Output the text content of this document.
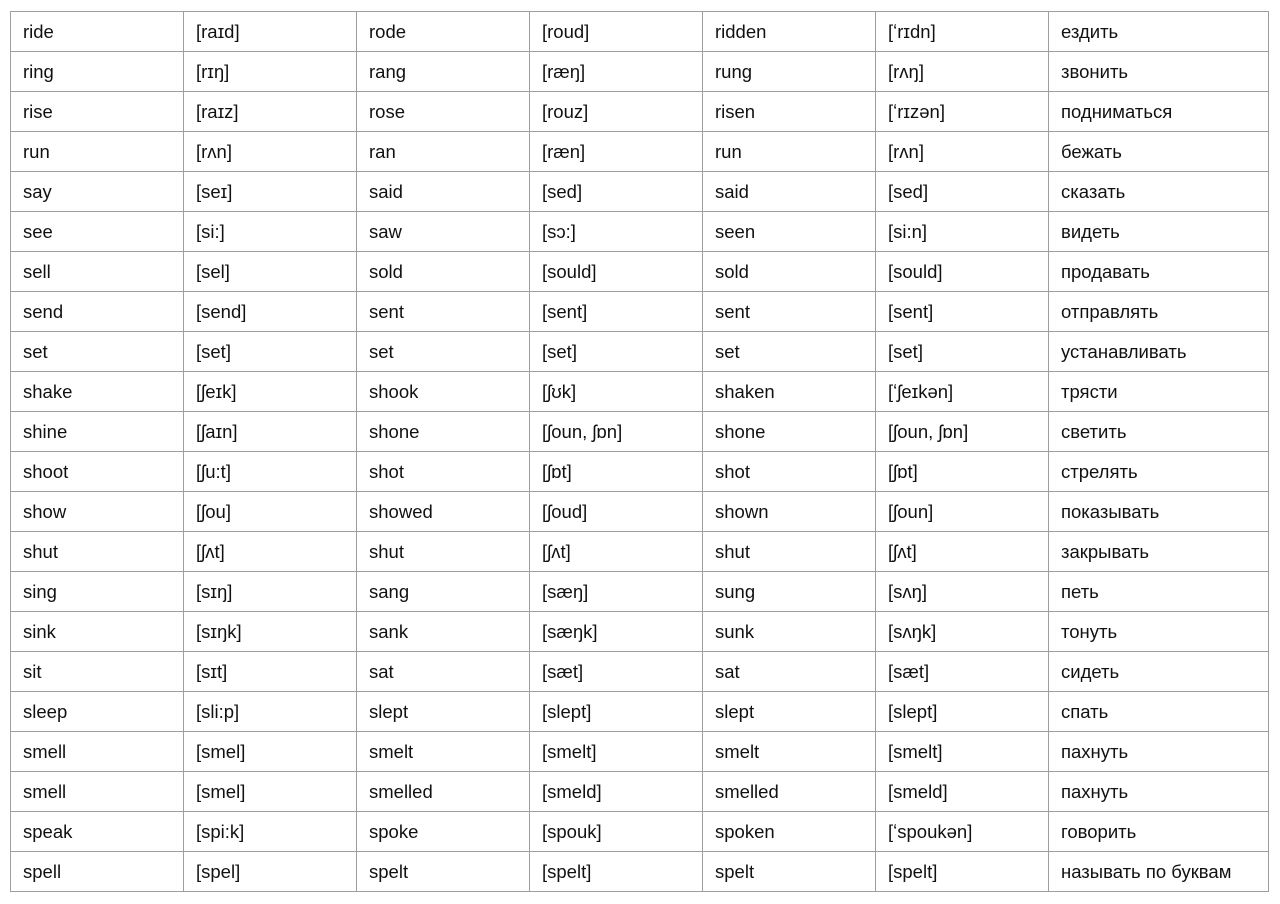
ride	[raɪd]	rode	[roud]	ridden	[ʻrɪdn]	ездить
ring	[rɪŋ]	rang	[ræŋ]	rung	[rʌŋ]	звонить
rise	[raɪz]	rose	[rouz]	risen	[ʻrɪzən]	подниматься
run	[rʌn]	ran	[ræn]	run	[rʌn]	бежать
say	[seɪ]	said	[sed]	said	[sed]	сказать
see	[si:]	saw	[sɔ:]	seen	[si:n]	видеть
sell	[sel]	sold	[sould]	sold	[sould]	продавать
send	[send]	sent	[sent]	sent	[sent]	отправлять
set	[set]	set	[set]	set	[set]	устанавливать
shake	[ʃeɪk]	shook	[ʃʊk]	shaken	[ʻʃeɪkən]	трясти
shine	[ʃaɪn]	shone	[ʃoun, ʃɒn]	shone	[ʃoun, ʃɒn]	светить
shoot	[ʃu:t]	shot	[ʃɒt]	shot	[ʃɒt]	стрелять
show	[ʃou]	showed	[ʃoud]	shown	[ʃoun]	показывать
shut	[ʃʌt]	shut	[ʃʌt]	shut	[ʃʌt]	закрывать
sing	[sɪŋ]	sang	[sæŋ]	sung	[sʌŋ]	петь
sink	[sɪŋk]	sank	[sæŋk]	sunk	[sʌŋk]	тонуть
sit	[sɪt]	sat	[sæt]	sat	[sæt]	сидеть
sleep	[sli:p]	slept	[slept]	slept	[slept]	спать
smell	[smel]	smelt	[smelt]	smelt	[smelt]	пахнуть
smell	[smel]	smelled	[smeld]	smelled	[smeld]	пахнуть
speak	[spi:k]	spoke	[spouk]	spoken	[ʻspoukən]	говорить
spell	[spel]	spelt	[spelt]	spelt	[spelt]	называть по буквам
